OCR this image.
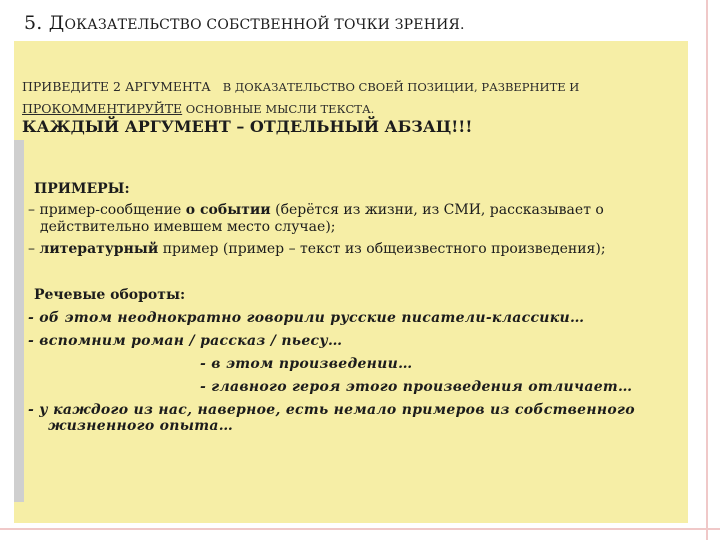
5. ДОКАЗАТЕЛЬСТВО СОБСТВЕННОЙ ТОЧКИ ЗРЕНИЯ.
ПРИВЕДИТЕ 2 АРГУМЕНТА В ДОКАЗАТЕЛЬСТВО СВОЕЙ ПОЗИЦИИ, РАЗВЕРНИТЕ И
ПРОКОММЕНТИРУЙТЕ ОСНОВНЫЕ МЫСЛИ ТЕКСТА.
КАЖДЫЙ АРГУМЕНТ – ОТДЕЛЬНЫЙ АБЗАЦ!!!
ПРИМЕРЫ:
– пример-сообщение о событии (берётся из жизни, из СМИ, рассказывает о
действительно имевшем место случае);
– литературный пример (пример – текст из общеизвестного произведения);
Речевые обороты:
- об этом неоднократно говорили русские писатели-классики…
- вспомним роман / рассказ / пьесу…
- в этом произведении…
- главного героя этого произведения отличает…
- у каждого из нас, наверное, есть немало примеров из собственного
жизненного опыта…
